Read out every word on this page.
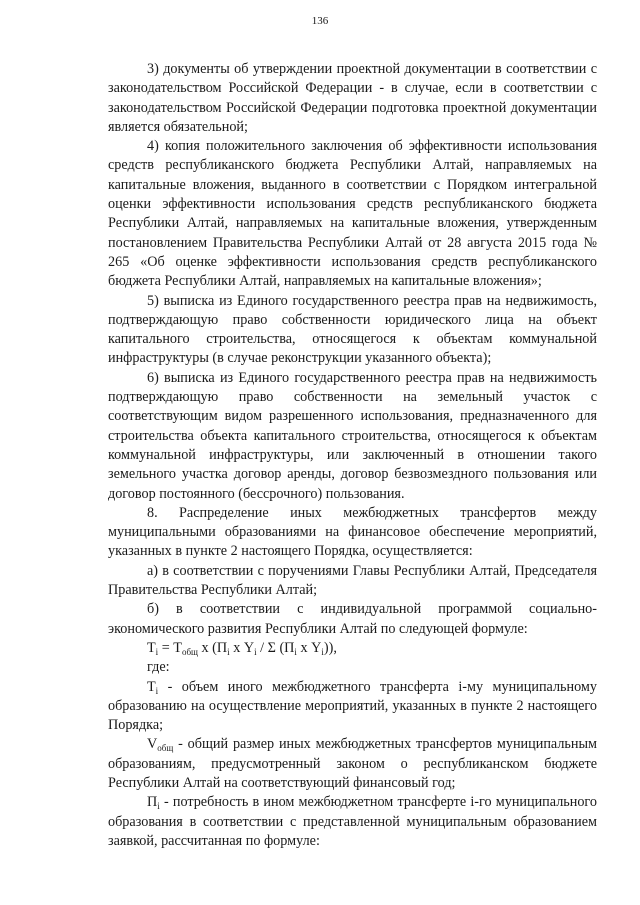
136

3) документы об утверждении проектной документации в соответствии с законодательством Российской Федерации - в случае, если в соответствии с законодательством Российской Федерации подготовка проектной документации является обязательной;

4) копия положительного заключения об эффективности использования средств республиканского бюджета Республики Алтай, направляемых на капитальные вложения, выданного в соответствии с Порядком интегральной оценки эффективности использования средств республиканского бюджета Республики Алтай, направляемых на капитальные вложения, утвержденным постановлением Правительства Республики Алтай от 28 августа 2015 года № 265 «Об оценке эффективности использования средств республиканского бюджета Республики Алтай, направляемых на капитальные вложения»;

5) выписка из Единого государственного реестра прав на недвижимость, подтверждающую право собственности юридического лица на объект капитального строительства, относящегося к объектам коммунальной инфраструктуры (в случае реконструкции указанного объекта);

6) выписка из Единого государственного реестра прав на недвижимость подтверждающую право собственности на земельный участок с соответствующим видом разрешенного использования, предназначенного для строительства объекта капитального строительства, относящегося к объектам коммунальной инфраструктуры, или заключенный в отношении такого земельного участка договор аренды, договор безвозмездного пользования или договор постоянного (бессрочного) пользования.

8. Распределение иных межбюджетных трансфертов между муниципальными образованиями на финансовое обеспечение мероприятий, указанных в пункте 2 настоящего Порядка, осуществляется:

а) в соответствии с поручениями Главы Республики Алтай, Председателя Правительства Республики Алтай;

б) в соответствии с индивидуальной программой социально-экономического развития Республики Алтай по следующей формуле:

$Т_i = Т_{общ}$ х ($П_i$ х $Y_i$ / Σ ($П_i$ х $Y_i$)),

где:

$Т_i$ - объем иного межбюджетного трансферта i-му муниципальному образованию на осуществление мероприятий, указанных в пункте 2 настоящего Порядка;

$V_{общ}$ - общий размер иных межбюджетных трансфертов муниципальным образованиям, предусмотренный законом о республиканском бюджете Республики Алтай на соответствующий финансовый год;

$П_i$ - потребность в ином межбюджетном трансферте i-го муниципального образования в соответствии с представленной муниципальным образованием заявкой, рассчитанная по формуле:
